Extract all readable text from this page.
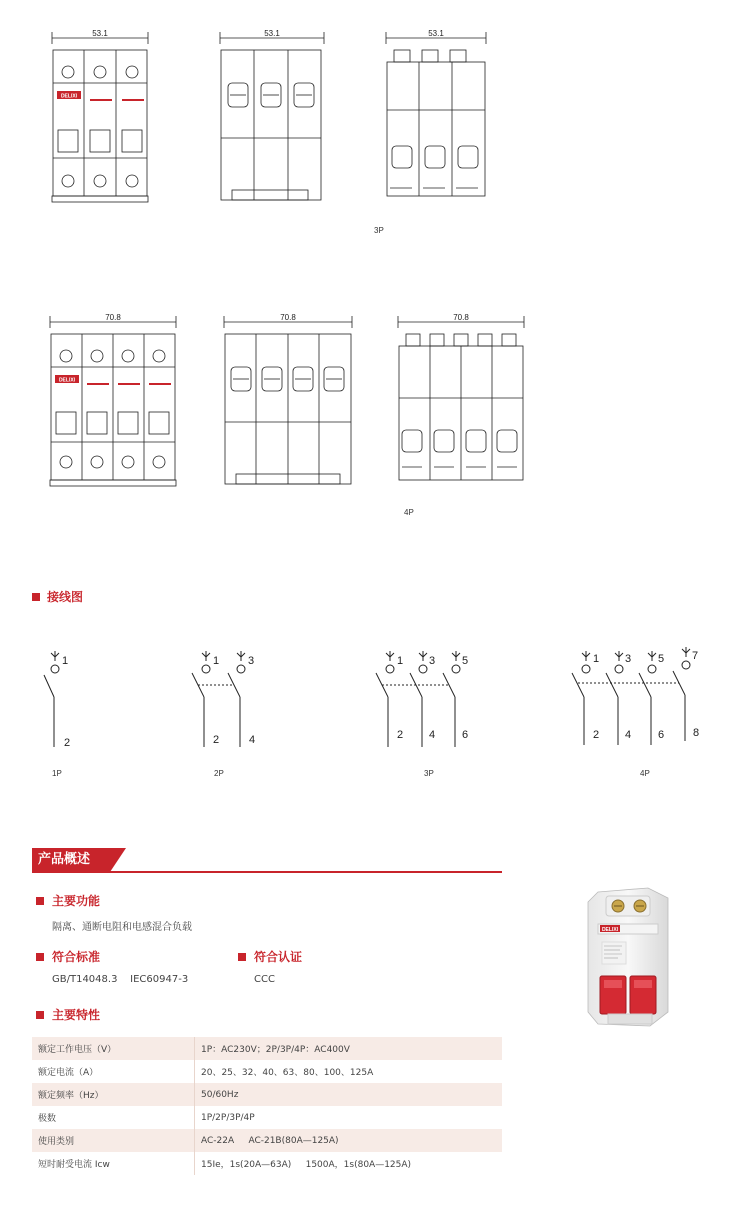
DELIXI
53.1	53.1	53.1
3P
DELIXI
70.8	70.8	70.8
4P
接线图
1
2
1P
1	3
2	4
2P
1 3 5
2 4 6
3P
1 3 5	7
2 4 6	8
4P
产品概述
主要功能
隔离、通断电阻和电感混合负载
符合标准
GB/T14048.3    IEC60947-3
符合认证
CCC
主要特性
额定工作电压（V）	1P：AC230V；2P/3P/4P：AC400V
额定电流（A）	20、25、32、40、63、80、100、125A
额定频率（Hz）	50/60Hz
极数	1P/2P/3P/4P
使用类别	AC-22A     AC-21B(80A—125A)
短时耐受电流 Icw	15Ie，1s(20A—63A)     1500A，1s(80A—125A)
DELIXI
